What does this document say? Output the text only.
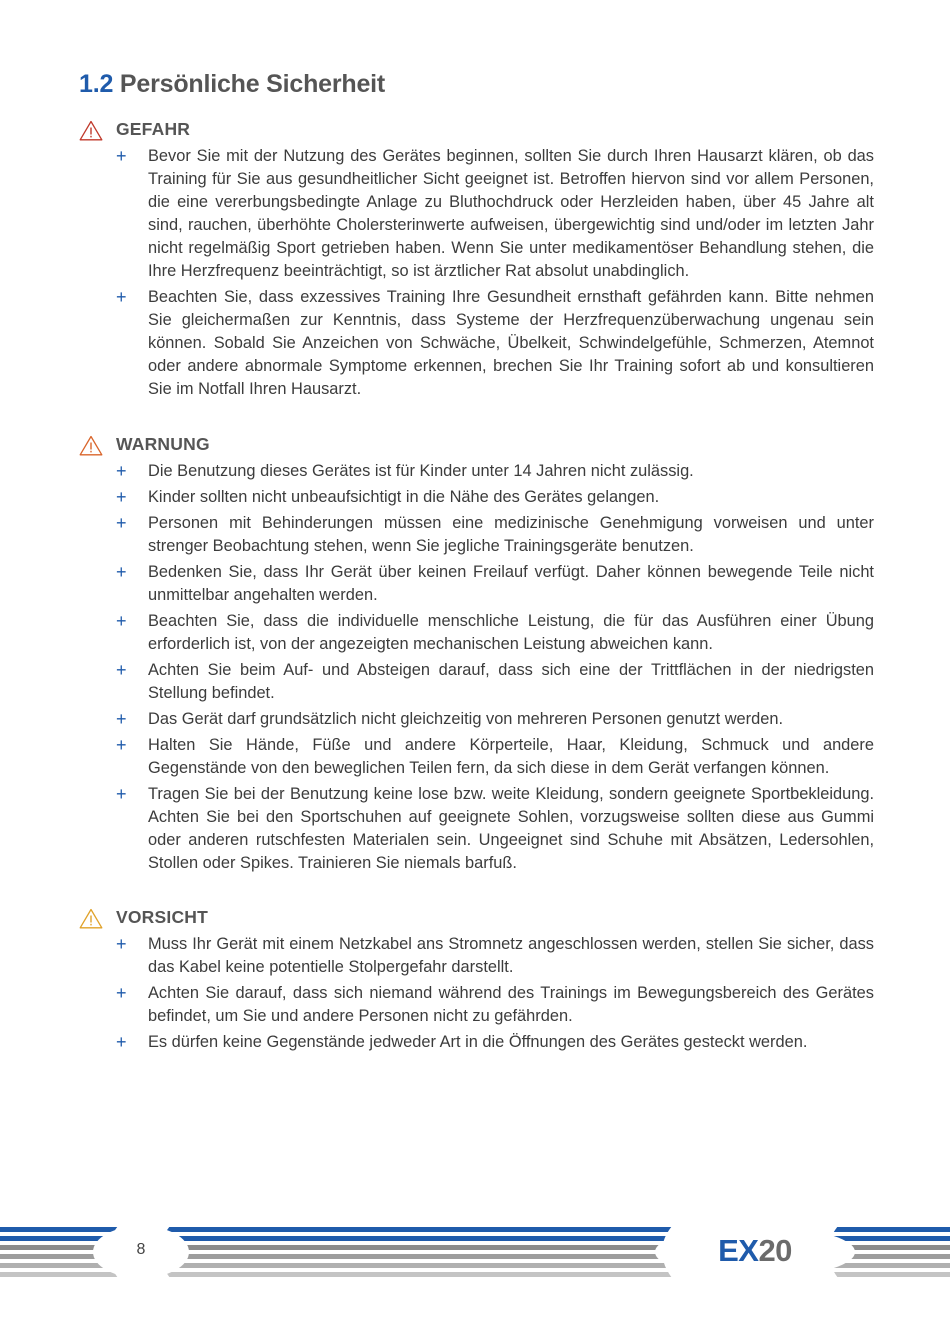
1.2 Persönliche Sicherheit
GEFAHR
+ Bevor Sie mit der Nutzung des Gerätes beginnen, sollten Sie durch Ihren Hausarzt klären, ob das Training für Sie aus gesundheitlicher Sicht geeignet ist. Betroffen hiervon sind vor allem Personen, die eine vererbungsbedingte Anlage zu Bluthochdruck oder Herzleiden haben, über 45 Jahre alt sind, rauchen, überhöhte Cholersterinwerte aufweisen, übergewichtig sind und/oder im letzten Jahr nicht regelmäßig Sport getrieben haben. Wenn Sie unter medikamentöser Behandlung stehen, die Ihre Herzfrequenz beeinträchtigt, so ist ärztlicher Rat absolut unabdinglich.
+ Beachten Sie, dass exzessives Training Ihre Gesundheit ernsthaft gefährden kann. Bitte nehmen Sie gleichermaßen zur Kenntnis, dass Systeme der Herzfrequenzüberwachung ungenau sein können. Sobald Sie Anzeichen von Schwäche, Übelkeit, Schwindelgefühle, Schmerzen, Atemnot oder andere abnormale Symptome erkennen, brechen Sie Ihr Training sofort ab und konsultieren Sie im Notfall Ihren Hausarzt.
WARNUNG
+ Die Benutzung dieses Gerätes ist für Kinder unter 14 Jahren nicht zulässig.
+ Kinder sollten nicht unbeaufsichtigt in die Nähe des Gerätes gelangen.
+ Personen mit Behinderungen müssen eine medizinische Genehmigung vorweisen und unter strenger Beobachtung stehen, wenn Sie jegliche Trainingsgeräte benutzen.
+ Bedenken Sie, dass Ihr Gerät über keinen Freilauf verfügt. Daher können bewegende Teile nicht unmittelbar angehalten werden.
+ Beachten Sie, dass die individuelle menschliche Leistung, die für das Ausführen einer Übung erforderlich ist, von der angezeigten mechanischen Leistung abweichen kann.
+ Achten Sie beim Auf- und Absteigen darauf, dass sich eine der Trittflächen in der niedrigsten Stellung befindet.
+ Das Gerät darf grundsätzlich nicht gleichzeitig von mehreren Personen genutzt werden.
+ Halten Sie Hände, Füße und andere Körperteile, Haar, Kleidung, Schmuck und andere Gegenstände von den beweglichen Teilen fern, da sich diese in dem Gerät verfangen können.
+ Tragen Sie bei der Benutzung keine lose bzw. weite Kleidung, sondern geeignete Sportbekleidung. Achten Sie bei den Sportschuhen auf geeignete Sohlen, vorzugsweise sollten diese aus Gummi oder anderen rutschfesten Materialen sein. Ungeeignet sind Schuhe mit Absätzen, Ledersohlen, Stollen oder Spikes. Trainieren Sie niemals barfuß.
VORSICHT
+ Muss Ihr Gerät mit einem Netzkabel ans Stromnetz angeschlossen werden, stellen Sie sicher, dass das Kabel keine potentielle Stolpergefahr darstellt.
+ Achten Sie darauf, dass sich niemand während des Trainings im Bewegungsbereich des Gerätes befindet, um Sie und andere Personen nicht zu gefährden.
+ Es dürfen keine Gegenstände jedweder Art in die Öffnungen des Gerätes gesteckt werden.
8	EX20
